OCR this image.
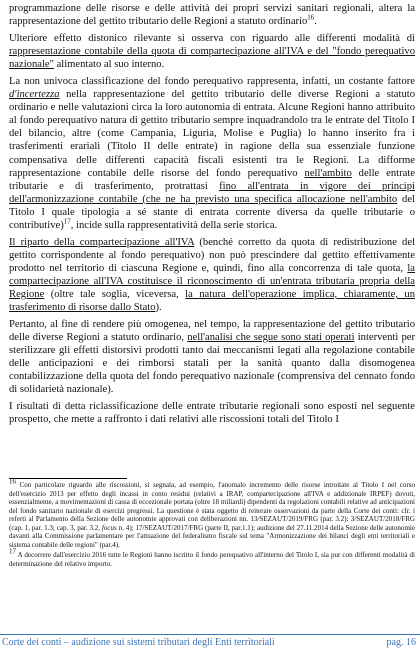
programmazione delle risorse e delle attività dei propri servizi sanitari regionali, altera la rappresentazione del gettito tributario delle Regioni a statuto ordinario$^{16}$.

Ulteriore effetto distonico rilevante si osserva con riguardo alle differenti modalità di rappresentazione contabile della quota di compartecipazione all'IVA e del "fondo perequativo nazionale" alimentato al suo interno.

La non univoca classificazione del fondo perequativo rappresenta, infatti, un costante fattore d'incertezza nella rappresentazione del gettito tributario delle diverse Regioni a statuto ordinario e nelle valutazioni circa la loro autonomia di entrata. Alcune Regioni hanno attribuito al fondo perequativo natura di gettito tributario sempre inquadrandolo tra le entrate del Titolo I del bilancio, altre (come Campania, Liguria, Molise e Puglia) lo hanno inserito fra i trasferimenti erariali (Titolo II delle entrate) in ragione della sua essenziale funzione compensativa delle differenti capacità fiscali esistenti tra le Regioni. La difforme rappresentazione contabile delle risorse del fondo perequativo nell'ambito delle entrate tributarie e di trasferimento, protrattasi fino all'entrata in vigore dei principi dell'armonizzazione contabile (che ne ha previsto una specifica allocazione nell'ambito del Titolo I quale tipologia a sé stante di entrata corrente diversa da quelle tributarie o contributive)$^{17}$, incide sulla rappresentatività della serie storica.

Il riparto della compartecipazione all'IVA (benché corretto da quota di redistribuzione del gettito corrispondente al fondo perequativo) non può prescindere dal gettito effettivamente prodotto nel territorio di ciascuna Regione e, quindi, fino alla concorrenza di tale quota, la compartecipazione all'IVA costituisce il riconoscimento di un'entrata tributaria propria della Regione (oltre tale soglia, viceversa, la natura dell'operazione implica, chiaramente, un trasferimento di risorse dallo Stato).

Pertanto, al fine di rendere più omogenea, nel tempo, la rappresentazione del gettito tributario delle diverse Regioni a statuto ordinario, nell'analisi che segue sono stati operati interventi per sterilizzare gli effetti distorsivi prodotti tanto dai meccanismi legati alla regolazione contabile delle anticipazioni e dei rimborsi statali per la sanità quanto dalla disomogenea contabilizzazione della quota del fondo perequativo nazionale (comprensiva del cennato fondo di solidarietà nazionale).

I risultati di detta riclassificazione delle entrate tributarie regionali sono esposti nel seguente prospetto, che mette a raffronto i dati relativi alle riscossioni totali del Titolo I

$^{16}$ Con particolare riguardo alle riscossioni, si segnala, ad esempio, l'anomalo incremento delle risorse introitate al Titolo I nel corso dell'esercizio 2013 per effetto degli incassi in conto residui (relativi a IRAP, compartecipazione all'IVA e addizionale IRPEF) dovuti, essenzialmente, a movimentazioni di cassa di eccezionale portata (oltre 18 miliardi) dipendenti da regolazioni contabili relative ad anticipazioni del fondo sanitario nazionale di esercizi pregressi. La questione è stata oggetto di reiterate osservazioni da parte della Corte dei conti: cfr. i referti al Parlamento della Sezione delle autonomie approvati con deliberazioni nn. 13/SEZAUT/2019/FRG (par. 3.2); 3/SEZAUT/2018/FRG (cap. 1, par. 1.3; cap. 3, par. 3.2, focus n. 4); 17/SEZAUT/2017/FRG (parte II, par.1.1); audizione del 27.11.2014 della Sezione delle autonomie davanti alla Commissione parlamentare per l'attuazione del federalismo fiscale sul tema "Armonizzazione dei bilanci degli enti territoriali e sistema contabile delle regioni" (par.4).

$^{17}$ A decorrere dall'esercizio 2016 tutte le Regioni hanno iscritto il fondo perequativo all'interno del Titolo I, sia pur con differenti modalità di determinazione del relativo importo.

Corte dei conti – audizione sui sistemi tributari degli Enti territoriali	pag. 16
